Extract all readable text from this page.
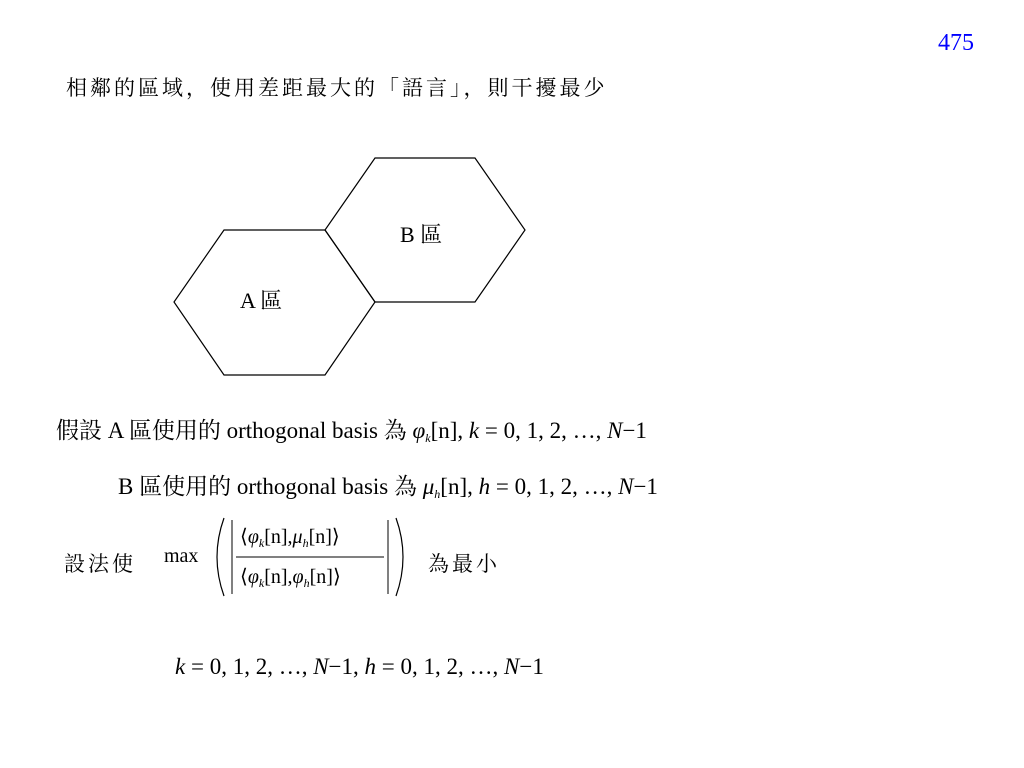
475
相鄰的區域，使用差距最大的「語言」，則干擾最少
B 區
A 區
假設 A 區使用的 orthogonal basis 為 $\varphi_k[n]$, k = 0, 1, 2, …, N−1
B 區使用的 orthogonal basis 為 $\mu_h[n]$, h = 0, 1, 2, …, N−1
設法使 max
$⟨\varphi_k[n],\mu_h[n]⟩$
$⟨\varphi_k[n],\varphi_h[n]⟩$
為最小
k = 0, 1, 2, …, N−1, h = 0, 1, 2, …, N−1
